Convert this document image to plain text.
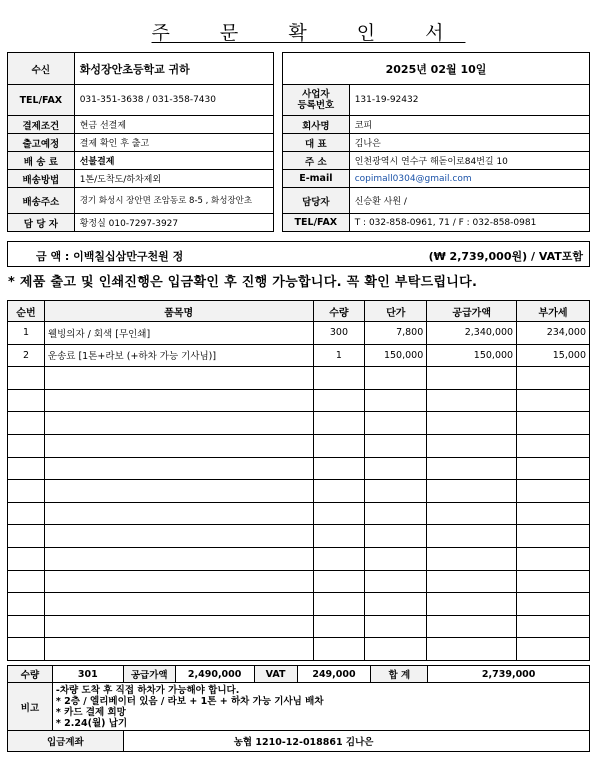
주 문 확 인 서
수신	화성장안초등학교 귀하
TEL/FAX	031-351-3638 / 031-358-7430
결제조건	현금 선결제
출고예정	결제 확인 후 출고
배 송 료	선불결제
배송방법	1톤/도착도/하차제외
배송주소	경기 화성시 장안면 조암동로 8-5 , 화성장안초
담 당 자	황정실 010-7297-3927
2025년 02월 10일	
사업자
등록번호	131-19-92432
회사명	코피
대 표	김나은
주 소	인천광역시 연수구 해돋이로84번길 10
E-mail	copimall0304@gmail.com
담당자	신승환 사원 /
TEL/FAX	T : 032-858-0961, 71 / F : 032-858-0981
금 액 : 이백칠십삼만구천원 정	(₩ 2,739,000원) / VAT포함
* 제품 출고 및 인쇄진행은 입금확인 후 진행 가능합니다. 꼭 확인 부탁드립니다.
순번	품목명	수량	단가	공급가액	부가세
1	웰빙의자 / 회색 [무인쇄]	300	7,800	2,340,000	234,000
2	운송료 [1톤+라보 (+하차 가능 기사님)]	1	150,000	150,000	15,000

수량	301	공급가액	2,490,000	VAT	249,000	합 계	2,739,000
비고	-차량 도착 후 직접 하차가 가능해야 합니다.
* 2층 / 엘리베이터 있음 / 라보 + 1톤 + 하차 가능 기사님 배차
* 카드 결제 희망
* 2.24(월) 납기						

입금계좌		농협 1210-12-018861 김나은					
